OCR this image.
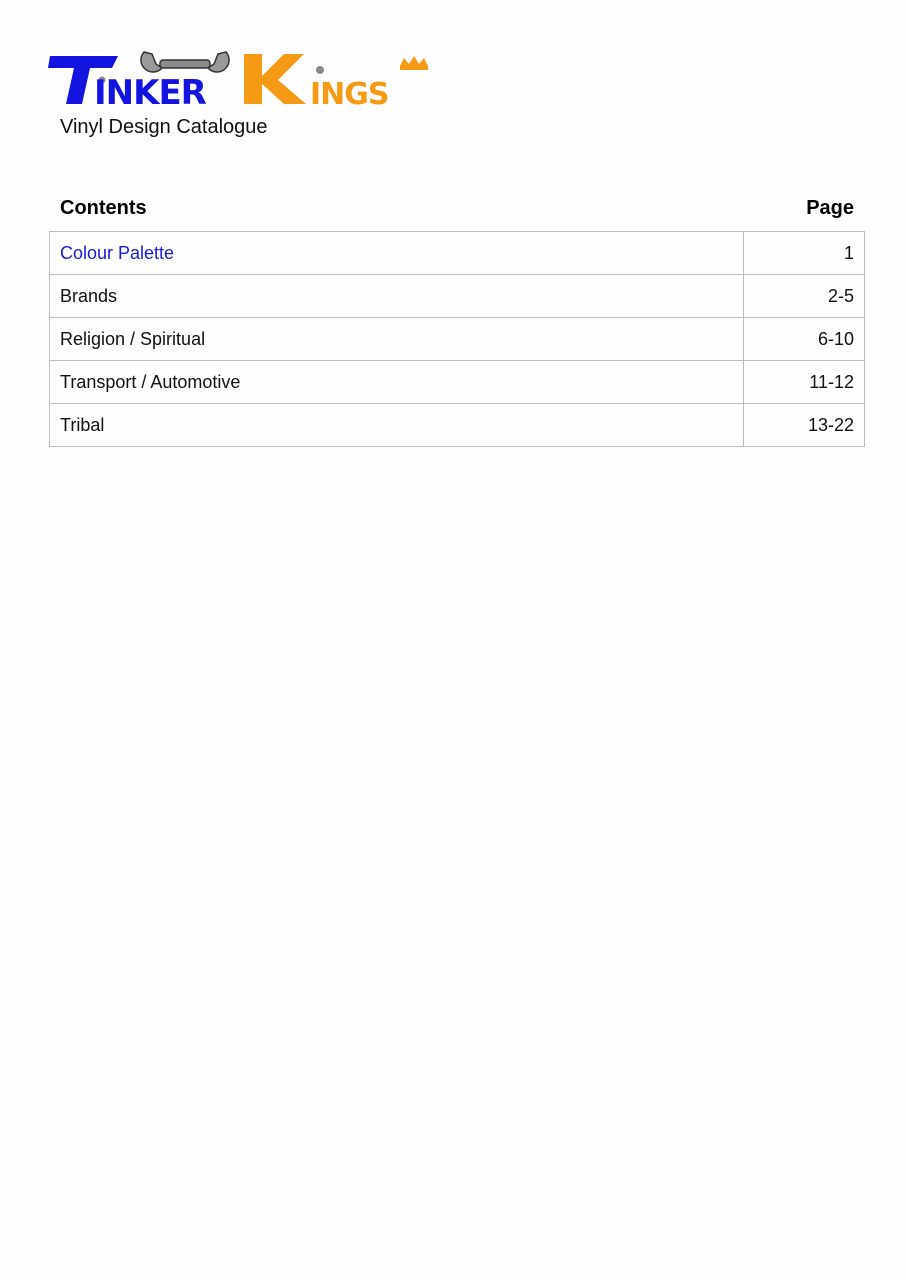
INKER	INGS
Vinyl Design Catalogue
Contents	Page
Colour Palette	1
Brands	2-5
Religion / Spiritual	6-10
Transport / Automotive	11-12
Tribal	13-22
